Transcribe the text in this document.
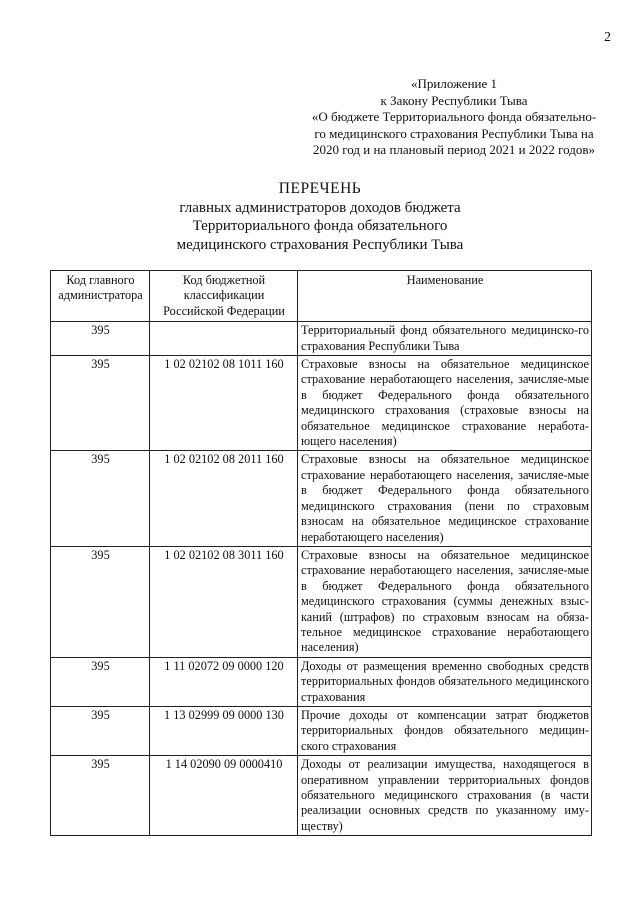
2
«Приложение 1
к Закону Республики Тыва
«О бюджете Территориального фонда обязательно-
го медицинского страхования Республики Тыва на
2020 год и на плановый период 2021 и 2022 годов»
ПЕРЕЧЕНЬ
главных администраторов доходов бюджета
Территориального фонда обязательного
медицинского страхования Республики Тыва
Код главного администратора	Код бюджетной классификации Российской Федерации	Наименование
395		Территориальный фонд обязательного медицинско-го страхования Республики Тыва
395	1 02 02102 08 1011 160	Страховые взносы на обязательное медицинское страхование неработающего населения, зачисляе-мые в бюджет Федерального фонда обязательного медицинского страхования (страховые взносы на обязательное медицинское страхование неработа-ющего населения)
395	1 02 02102 08 2011 160	Страховые взносы на обязательное медицинское страхование неработающего населения, зачисляе-мые в бюджет Федерального фонда обязательного медицинского страхования (пени по страховым взносам на обязательное медицинское страхование неработающего населения)
395	1 02 02102 08 3011 160	Страховые взносы на обязательное медицинское страхование неработающего населения, зачисляе-мые в бюджет Федерального фонда обязательного медицинского страхования (суммы денежных взыс-каний (штрафов) по страховым взносам на обяза-тельное медицинское страхование неработающего населения)
395	1 11 02072 09 0000 120	Доходы от размещения временно свободных средств территориальных фондов обязательного медицинского страхования
395	1 13 02999 09 0000 130	Прочие доходы от компенсации затрат бюджетов территориальных фондов обязательного медицин-ского страхования
395	1 14 02090 09 0000410	Доходы от реализации имущества, находящегося в оперативном управлении территориальных фондов обязательного медицинского страхования (в части реализации основных средств по указанному иму-ществу)
